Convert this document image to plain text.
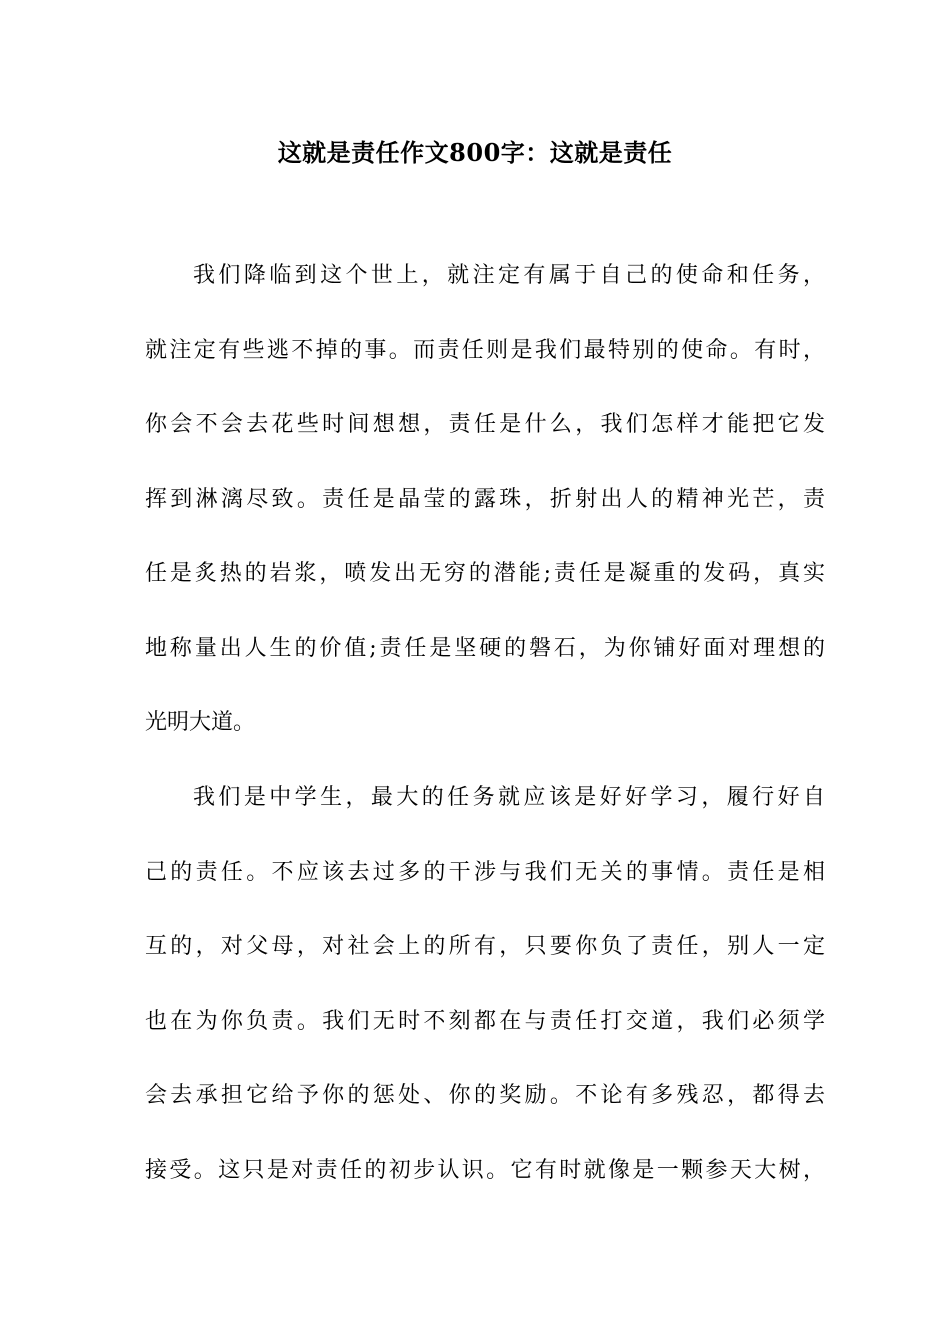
这就是责任作文800字：这就是责任
我们降临到这个世上，就注定有属于自己的使命和任务，
就注定有些逃不掉的事。而责任则是我们最特别的使命。有时，
你会不会去花些时间想想，责任是什么，我们怎样才能把它发
挥到淋漓尽致。责任是晶莹的露珠，折射出人的精神光芒，责
任是炙热的岩浆，喷发出无穷的潜能;责任是凝重的发码，真实
地称量出人生的价值;责任是坚硬的磐石，为你铺好面对理想的
光明大道。
我们是中学生，最大的任务就应该是好好学习，履行好自
己的责任。不应该去过多的干涉与我们无关的事情。责任是相
互的，对父母，对社会上的所有，只要你负了责任，别人一定
也在为你负责。我们无时不刻都在与责任打交道，我们必须学
会去承担它给予你的惩处、你的奖励。不论有多残忍，都得去
接受。这只是对责任的初步认识。它有时就像是一颗参天大树，
